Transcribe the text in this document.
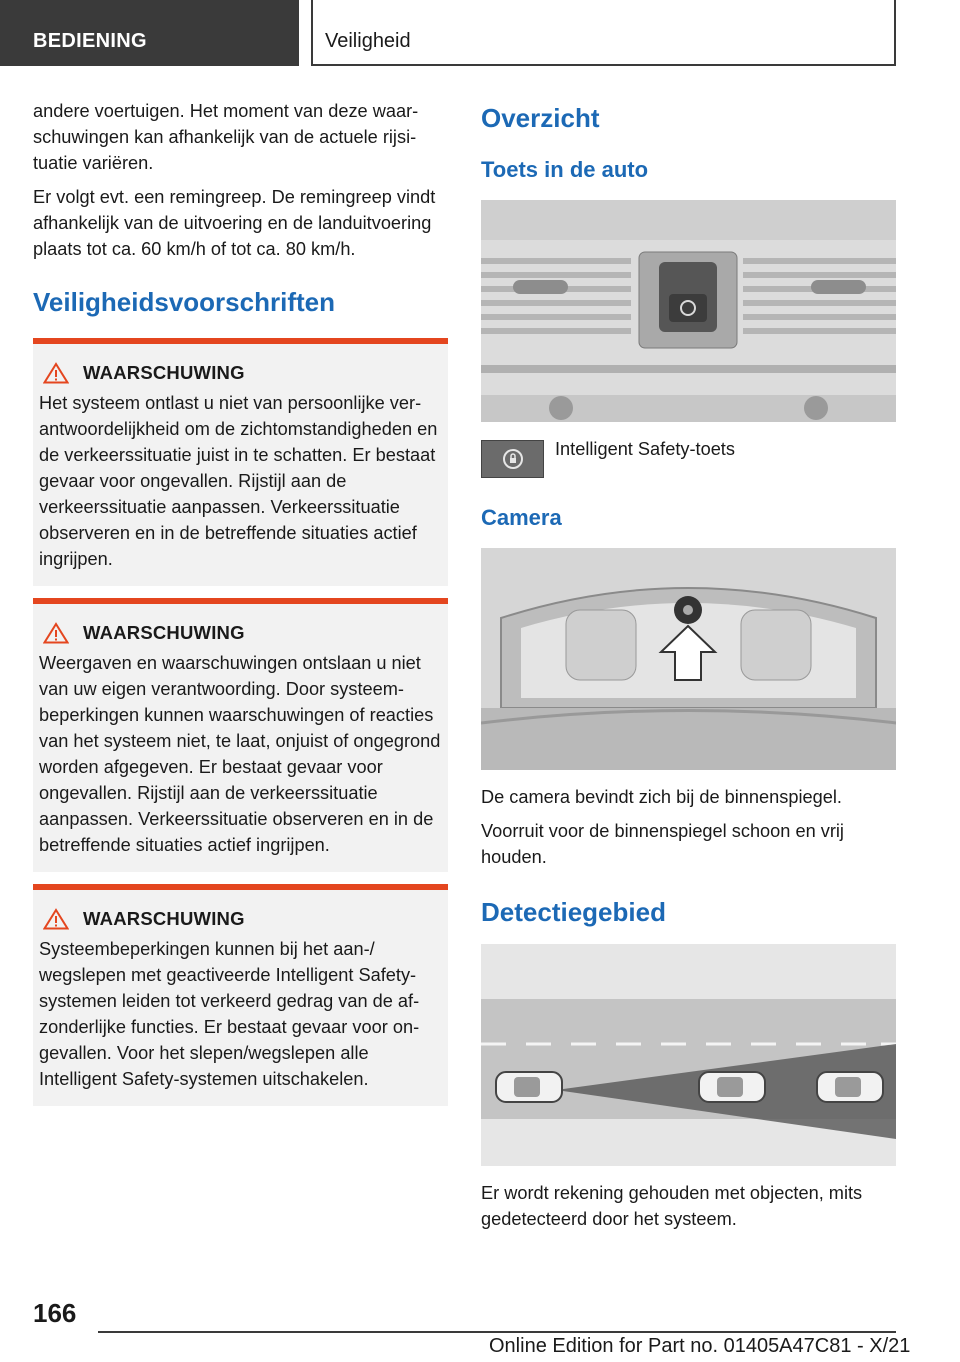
BEDIENING	Veiligheid

andere voertuigen. Het moment van deze waarschuwingen kan afhankelijk van de actuele rijsituatie variëren.

Er volgt evt. een remingreep. De remingreep vindt afhankelijk van de uitvoering en de landuitvoering plaats tot ca. 60 km/h of tot ca. 80 km/h.

Veiligheidsvoorschriften
WAARSCHUWING

Het systeem ontlast u niet van persoonlijke verantwoordelijkheid om de zichtomstandigheden en de verkeerssituatie juist in te schatten. Er bestaat gevaar voor ongevallen. Rijstijl aan de verkeerssituatie aanpassen. Verkeerssituatie observeren en in de betreffende situaties actief ingrijpen.

WAARSCHUWING

Weergaven en waarschuwingen ontslaan u niet van uw eigen verantwoording. Door systeembeperkingen kunnen waarschuwingen of reacties van het systeem niet, te laat, onjuist of ongegrond worden afgegeven. Er bestaat gevaar voor ongevallen. Rijstijl aan de verkeerssituatie aanpassen. Verkeerssituatie observeren en in de betreffende situaties actief ingrijpen.

WAARSCHUWING

Systeembeperkingen kunnen bij het aan-/ wegslepen met geactiveerde Intelligent Safety-systemen leiden tot verkeerd gedrag van de afzonderlijke functies. Er bestaat gevaar voor ongevallen. Voor het slepen/wegslepen alle Intelligent Safety-systemen uitschakelen.

Overzicht
Toets in de auto
Intelligent Safety-toets
Camera

De camera bevindt zich bij de binnenspiegel.

Voorruit voor de binnenspiegel schoon en vrij houden.

Detectiegebied

Er wordt rekening gehouden met objecten, mits gedetecteerd door het systeem.

166
Online Edition for Part no. 01405A47C81 - X/21
